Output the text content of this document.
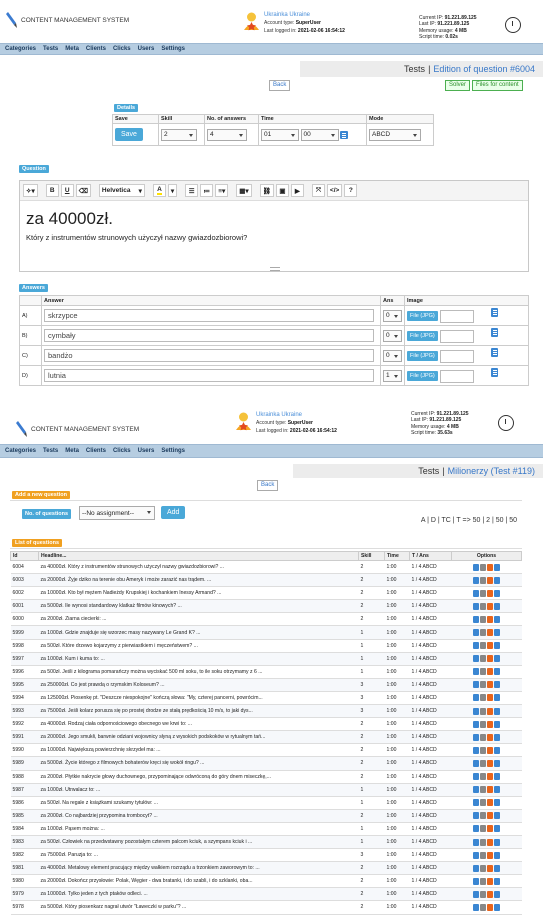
CONTENT MANAGEMENT SYSTEM
Ukrainka Ukraine
Account type: SuperUser
Last logged in: 2021-02-06 16:54:12
Current IP: 91.221.89.125
Last IP: 91.221.89.125
Memory usage: 4 MB
Script time: 0.02s
Categories Tests Meta Clients Clicks Users Settings
Tests | Edition of question #6004
Back	Solver	Files for content
Details
Save	Skill	No. of answers	Time	Mode
Save	2	4	01 00	ABCD
Question
✧▾	B	U	⌫	Helvetica ▾	A	▾	☰	≔	≡▾	▦▾	⛓	▣	▶	⤧	</>	?
za 40000zł.
Który z instrumentów strunowych użyczył nazwy gwiazdozbiorowi?
Answers
	Answer	Ans	Image
A)	skrzypce	0	File (JPG)
B)	cymbały	0	File (JPG)
C)	bandżo	0	File (JPG)
D)	lutnia	1	File (JPG)
CONTENT MANAGEMENT SYSTEM
Ukrainka Ukraine
Account type: SuperUser
Last logged in: 2021-02-06 16:54:12
Current IP: 91.221.89.125
Last IP: 91.221.89.125
Memory usage: 4 MB
Script time: 35.63s
Categories Tests Meta Clients Clicks Users Settings
Tests | Milionerzy (Test #119)
Back
Add a new question
No. of questions	--No assignment--	Add
A | D | TC | T => 50 | 2 | 50 | 50
List of questions
Id	Headline...	Skill	Time	T / Ans	Options
6004	za 40000zł. Który z instrumentów strunowych użyczył nazwy gwiazdozbiorowi? ...	2	1:00	1 / 4 ABCD	
6003	za 20000zł. Żyje dziko na terenie obu Ameryk i może zarazić nas trądem. ...	2	1:00	1 / 4 ABCD	
6002	za 10000zł. Kto był mężem Nadieżdy Krupskiej i kochankiem Inessy Armand? ...	2	1:00	1 / 4 ABCD	
6001	za 5000zł. Ile wynosi standardowy klatkaż filmów kinowych? ...	2	1:00	1 / 4 ABCD	
6000	za 2000zł. Ziarna ciecierki: ...	2	1:00	1 / 4 ABCD	
5999	za 1000zł. Gdzie znajduje się wzorzec masy nazywany Le Grand K? ...	1	1:00	1 / 4 ABCD	
5998	za 500zł. Które drzewo kojarzymy z pierwiastkiem i męczeństwem? ...	1	1:00	1 / 4 ABCD	
5997	za 1000zł. Kum i kuma to: ...	1	1:00	1 / 4 ABCD	
5996	za 500zł. Jeśli z kilograma pomarańczy można wyciskać 500 ml soku, to ile soku otrzymamy z 6 ...	1	1:00	1 / 4 ABCD	
5995	za 250000zł. Co jest prawdą o rzymskim Koloseum? ...	3	1:00	1 / 4 ABCD	
5994	za 125000zł. Piosenkę pt. "Deszcze niespokojne" kończą słowa: "My, czterej pancerni, powrócim...	3	1:00	1 / 4 ABCD	
5993	za 75000zł. Jeśli kolarz porusza się po prostej drodze ze stałą prędkością 10 m/s, to jaki dys...	3	1:00	1 / 4 ABCD	
5992	za 40000zł. Rodzaj ciała odpornościowego obecnego we krwi to: ...	2	1:00	1 / 4 ABCD	
5991	za 20000zł. Jego smukłi, barwnie odziani wojownicy słyną z wysokich podskoków w rytualnym tań...	2	1:00	1 / 4 ABCD	
5990	za 10000zł. Największą powierzchnię skrzydeł ma: ...	2	1:00	1 / 4 ABCD	
5989	za 5000zł. Życie którego z filmowych bohaterów kręci się wokół ringu? ...	2	1:00	1 / 4 ABCD	
5988	za 2000zł. Płytkie nakrycie głowy duchownego, przypominające odwróconą do góry dnem miseczkę,...	2	1:00	1 / 4 ABCD	
5987	za 1000zł. Utrwalacz to: ...	1	1:00	1 / 4 ABCD	
5986	za 500zł. Na regale z książkami szukamy tytułów: ...	1	1:00	1 / 4 ABCD	
5985	za 2000zł. Co najbardziej przypomina trombocyt? ...	2	1:00	1 / 4 ABCD	
5984	za 1000zł. Pąsem można: ...	1	1:00	1 / 4 ABCD	
5983	za 500zł. Człowiek na przedwstawny pozostałym czterem palcom kciuk, a szympans kciuk i ...	1	1:00	1 / 4 ABCD	
5982	za 75000zł. Paruzja to: ...	3	1:00	1 / 4 ABCD	
5981	za 40000zł. Metalowy element pracujący między wałkiem rozrządu a trzonkiem zaworowym to: ...	2	1:00	1 / 4 ABCD	
5980	za 20000zł. Dokończ przysłowie: Polak, Węgier - dwa bratanki, i do szabli, i do szklanki, oba...	2	1:00	1 / 4 ABCD	
5979	za 10000zł. Tylko jeden z tych ptaków odleci. ...	2	1:00	1 / 4 ABCD	
5978	za 5000zł. Który piosenkarz nagrał utwór "Ławeczki w parku"? ...	2	1:00	1 / 4 ABCD	
